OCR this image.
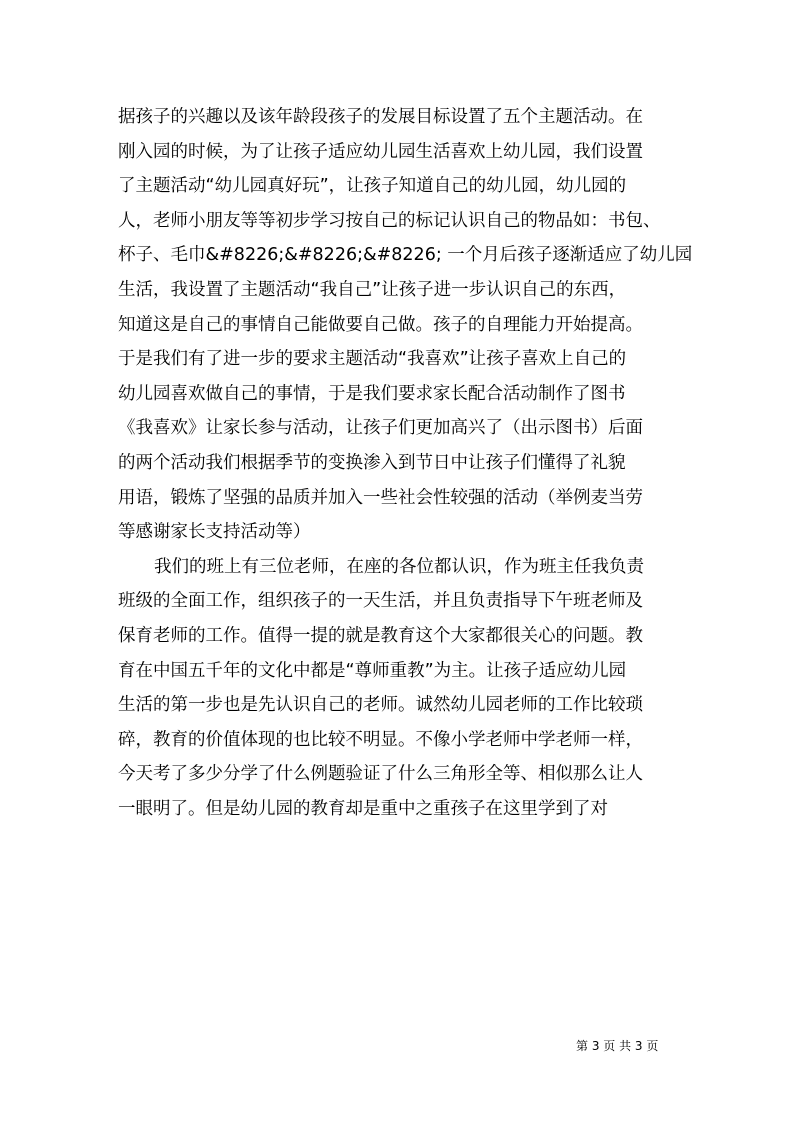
据孩子的兴趣以及该年龄段孩子的发展目标设置了五个主题活动。在
刚入园的时候，为了让孩子适应幼儿园生活喜欢上幼儿园，我们设置
了主题活动“幼儿园真好玩”，让孩子知道自己的幼儿园，幼儿园的
人，老师小朋友等等初步学习按自己的标记认识自己的物品如：书包、
杯子、毛巾&#8226;&#8226;&#8226; 一个月后孩子逐渐适应了幼儿园
生活，我设置了主题活动“我自己”让孩子进一步认识自己的东西，
知道这是自己的事情自己能做要自己做。孩子的自理能力开始提高。
于是我们有了进一步的要求主题活动“我喜欢”让孩子喜欢上自己的
幼儿园喜欢做自己的事情，于是我们要求家长配合活动制作了图书
《我喜欢》让家长参与活动，让孩子们更加高兴了（出示图书）后面
的两个活动我们根据季节的变换渗入到节日中让孩子们懂得了礼貌
用语，锻炼了坚强的品质并加入一些社会性较强的活动（举例麦当劳
等感谢家长支持活动等）
我们的班上有三位老师，在座的各位都认识，作为班主任我负责
班级的全面工作，组织孩子的一天生活，并且负责指导下午班老师及
保育老师的工作。值得一提的就是教育这个大家都很关心的问题。教
育在中国五千年的文化中都是“尊师重教”为主。让孩子适应幼儿园
生活的第一步也是先认识自己的老师。诚然幼儿园老师的工作比较琐
碎，教育的价值体现的也比较不明显。不像小学老师中学老师一样，
今天考了多少分学了什么例题验证了什么三角形全等、相似那么让人
一眼明了。但是幼儿园的教育却是重中之重孩子在这里学到了对
第 3 页 共 3 页
